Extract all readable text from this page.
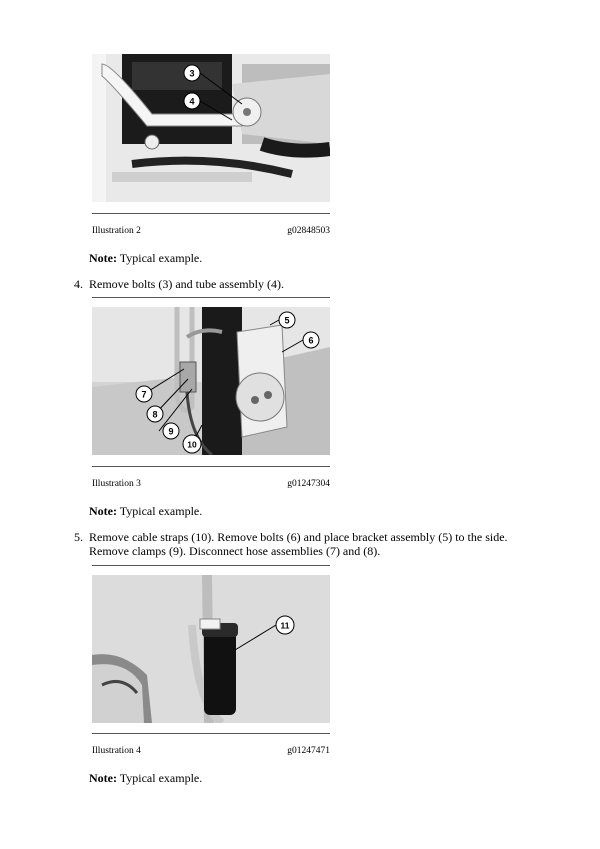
3
4
Illustration 2	g02848503
Note: Typical example.
4. Remove bolts (3) and tube assembly (4).
5
6
7
8
9
10
Illustration 3	g01247304
Note: Typical example.
5. Remove cable straps (10). Remove bolts (6) and place bracket assembly (5) to the side. Remove clamps (9). Disconnect hose assemblies (7) and (8).
11
Illustration 4	g01247471
Note: Typical example.
